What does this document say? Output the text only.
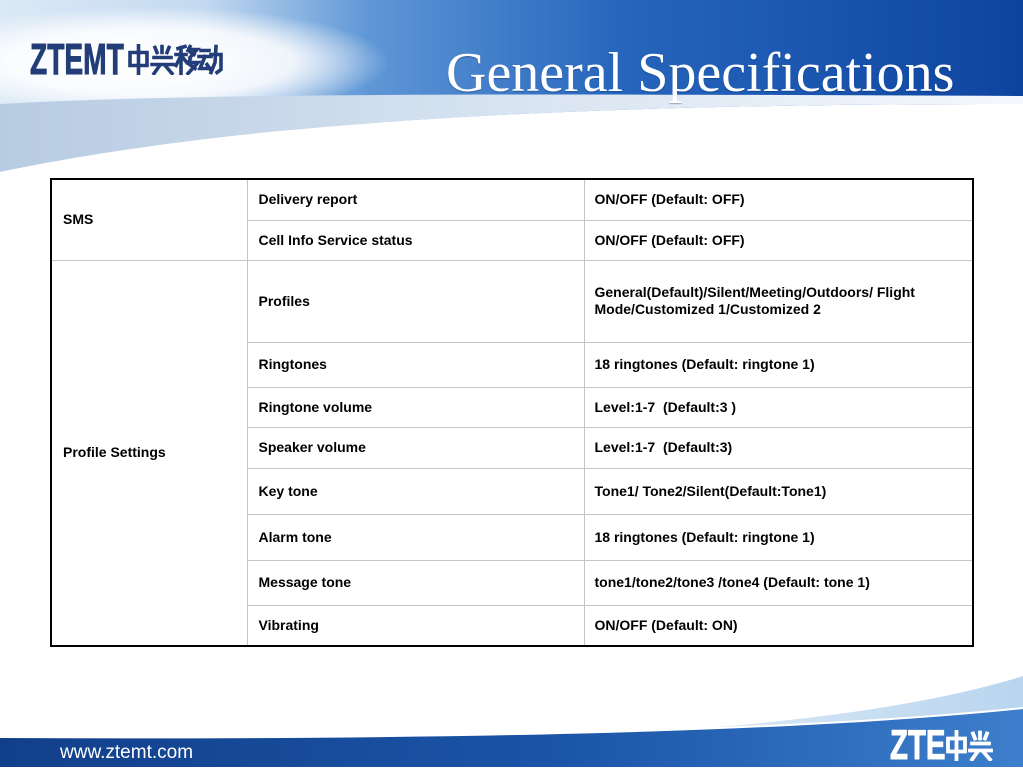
ZTEMT	General Specifications
SMS	Delivery report	ON/OFF (Default: OFF)
	Cell Info Service status	ON/OFF (Default: OFF)
Profile Settings	Profiles	General(Default)/Silent/Meeting/Outdoors/ Flight Mode/Customized 1/Customized 2
	Ringtones	18 ringtones (Default: ringtone 1)
	Ringtone volume	Level:1-7  (Default:3 )
	Speaker volume	Level:1-7  (Default:3)
	Key tone	Tone1/ Tone2/Silent(Default:Tone1)
	Alarm tone	18 ringtones (Default: ringtone 1)
	Message tone	tone1/tone2/tone3 /tone4 (Default: tone 1)
	Vibrating	ON/OFF (Default: ON)
www.ztemt.com	ZTE
